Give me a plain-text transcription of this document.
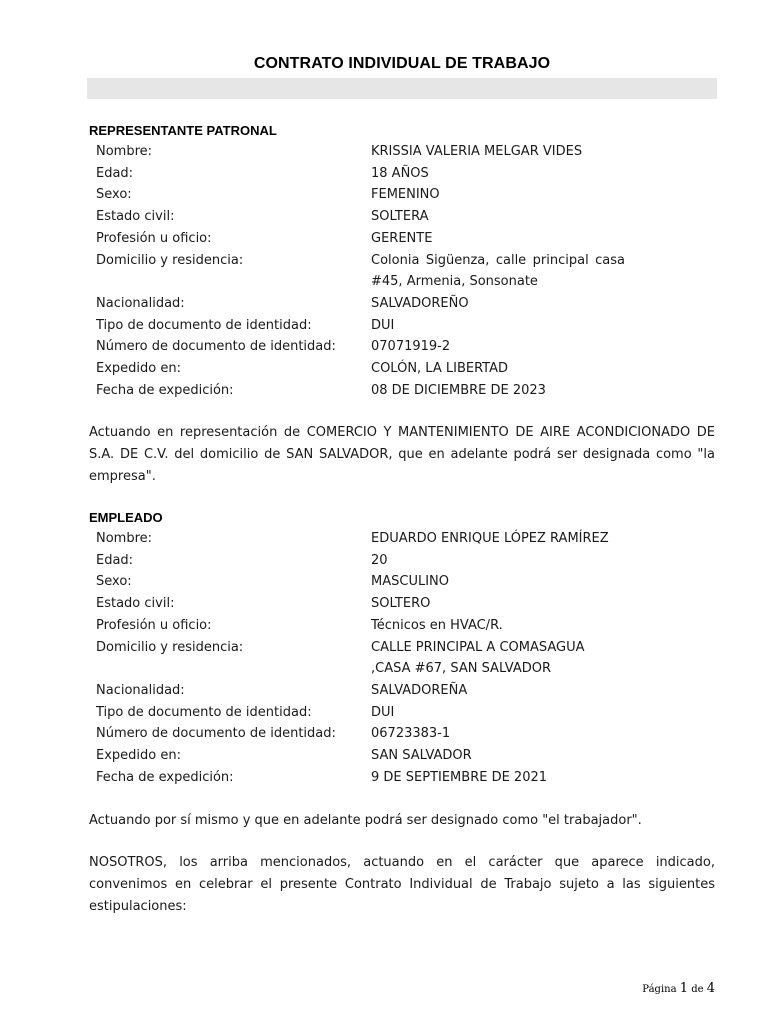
CONTRATO INDIVIDUAL DE TRABAJO
REPRESENTANTE PATRONAL
Nombre:	KRISSIA VALERIA MELGAR VIDES
Edad:	18 AÑOS
Sexo:	FEMENINO
Estado civil:	SOLTERA
Profesión u oficio:	GERENTE
Domicilio y residencia:	Colonia Sigüenza, calle principal casa #45, Armenia, Sonsonate
Nacionalidad:	SALVADOREÑO
Tipo de documento de identidad:	DUI
Número de documento de identidad:	07071919-2
Expedido en:	COLÓN, LA LIBERTAD
Fecha de expedición:	08 DE DICIEMBRE DE 2023
Actuando en representación de COMERCIO Y MANTENIMIENTO DE AIRE ACONDICIONADO DE S.A. DE C.V. del domicilio de SAN SALVADOR, que en adelante podrá ser designada como "la empresa".
EMPLEADO
Nombre:	EDUARDO ENRIQUE LÓPEZ RAMÍREZ
Edad:	20
Sexo:	MASCULINO
Estado civil:	SOLTERO
Profesión u oficio:	Técnicos en HVAC/R.
Domicilio y residencia:	CALLE PRINCIPAL A COMASAGUA ,CASA #67, SAN SALVADOR
Nacionalidad:	SALVADOREÑA
Tipo de documento de identidad:	DUI
Número de documento de identidad:	06723383-1
Expedido en:	SAN SALVADOR
Fecha de expedición:	9 DE SEPTIEMBRE DE 2021
Actuando por sí mismo y que en adelante podrá ser designado como "el trabajador".
NOSOTROS, los arriba mencionados, actuando en el carácter que aparece indicado, convenimos en celebrar el presente Contrato Individual de Trabajo sujeto a las siguientes estipulaciones:
Página 1 de 4
